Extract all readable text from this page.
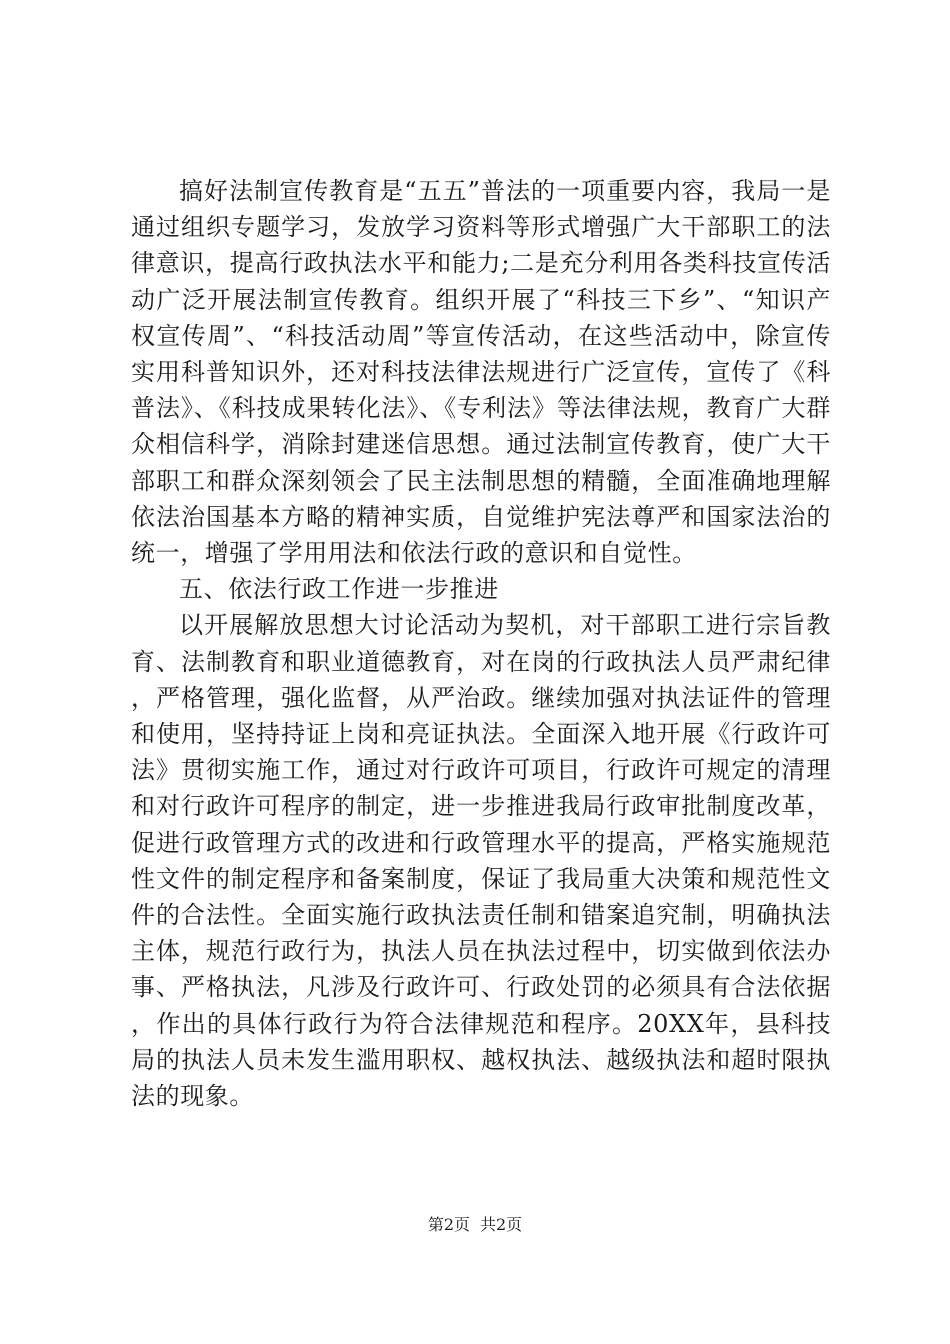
搞好法制宣传教育是“五五”普法的一项重要内容，我局一是通过组织专题学习，发放学习资料等形式增强广大干部职工的法律意识，提高行政执法水平和能力;二是充分利用各类科技宣传活动广泛开展法制宣传教育。组织开展了“科技三下乡”、“知识产权宣传周”、“科技活动周”等宣传活动，在这些活动中，除宣传实用科普知识外，还对科技法律法规进行广泛宣传，宣传了《科普法》、《科技成果转化法》、《专利法》等法律法规，教育广大群众相信科学，消除封建迷信思想。通过法制宣传教育，使广大干部职工和群众深刻领会了民主法制思想的精髓，全面准确地理解依法治国基本方略的精神实质，自觉维护宪法尊严和国家法治的统一，增强了学用用法和依法行政的意识和自觉性。

五、依法行政工作进一步推进

以开展解放思想大讨论活动为契机，对干部职工进行宗旨教育、法制教育和职业道德教育，对在岗的行政执法人员严肃纪律，严格管理，强化监督，从严治政。继续加强对执法证件的管理和使用，坚持持证上岗和亮证执法。全面深入地开展《行政许可法》贯彻实施工作，通过对行政许可项目，行政许可规定的清理和对行政许可程序的制定，进一步推进我局行政审批制度改革，促进行政管理方式的改进和行政管理水平的提高，严格实施规范性文件的制定程序和备案制度，保证了我局重大决策和规范性文件的合法性。全面实施行政执法责任制和错案追究制，明确执法主体，规范行政行为，执法人员在执法过程中，切实做到依法办事、严格执法，凡涉及行政许可、行政处罚的必须具有合法依据，作出的具体行政行为符合法律规范和程序。20XX年，县科技局的执法人员未发生滥用职权、越权执法、越级执法和超时限执法的现象。

第2页 共2页
